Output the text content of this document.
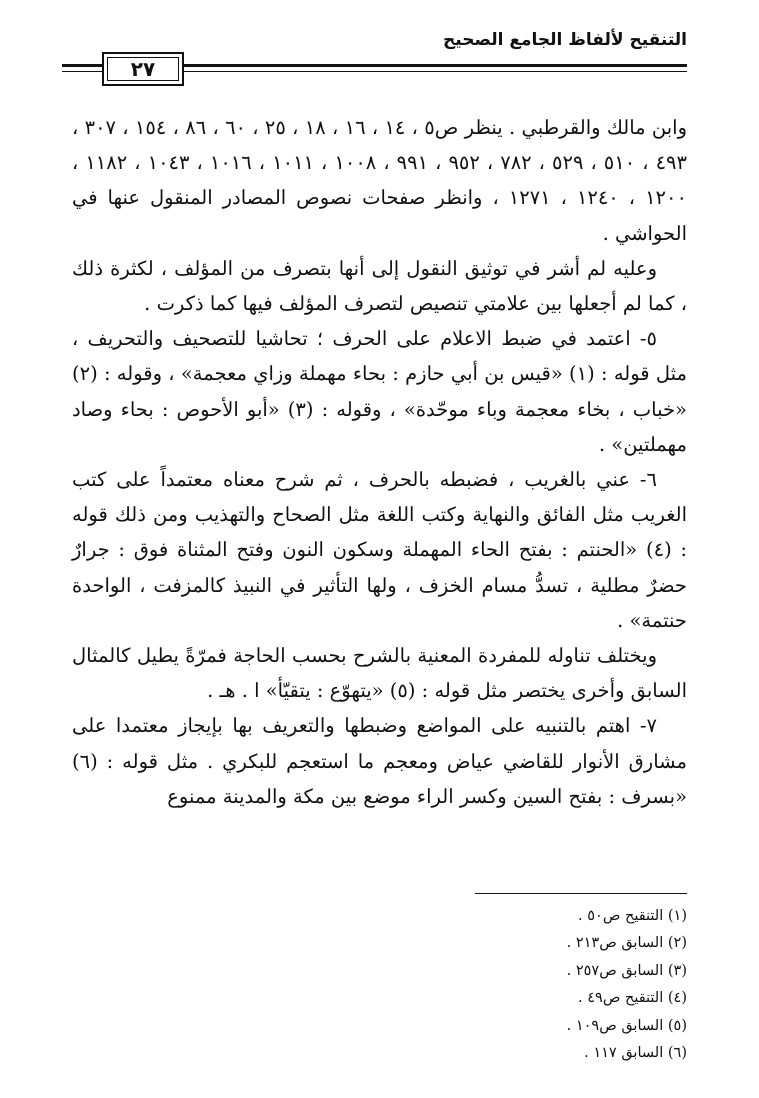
التنقيح لألفاظ الجامع الصحيح
٢٧

وابن مالك والقرطبي . ينظر ص٥ ، ١٤ ، ١٦ ، ١٨ ، ٢٥ ، ٦٠ ، ٨٦ ، ١٥٤ ، ٣٠٧ ، ٤٩٣ ، ٥١٠ ، ٥٢٩ ، ٧٨٢ ، ٩٥٢ ، ٩٩١ ، ١٠٠٨ ، ١٠١١ ، ١٠١٦ ، ١٠٤٣ ، ١١٨٢ ، ١٢٠٠ ، ١٢٤٠ ، ١٢٧١ ، وانظر صفحات نصوص المصادر المنقول عنها في الحواشي .

وعليه لم أشر في توثيق النقول إلى أنها بتصرف من المؤلف ، لكثرة ذلك ، كما لم أجعلها بين علامتي تنصيص لتصرف المؤلف فيها كما ذكرت .

٥- اعتمد في ضبط الاعلام على الحرف ؛ تحاشيا للتصحيف والتحريف ، مثل قوله : (١) «قيس بن أبي حازم : بحاء مهملة وزاي معجمة» ، وقوله : (٢) «خباب ، بخاء معجمة وباء موحّدة» ، وقوله : (٣) «أبو الأحوص : بحاء وصاد مهملتين» .

٦- عني بالغريب ، فضبطه بالحرف ، ثم شرح معناه معتمداً على كتب الغريب مثل الفائق والنهاية وكتب اللغة مثل الصحاح والتهذيب ومن ذلك قوله : (٤) «الحنتم : بفتح الحاء المهملة وسكون النون وفتح المثناة فوق : جرارٌ حضرٌ مطلية ، تسدُّ مسام الخزف ، ولها التأثير في النبيذ كالمزفت ، الواحدة حنتمة» .

ويختلف تناوله للمفردة المعنية بالشرح بحسب الحاجة فمرّةً يطيل كالمثال السابق وأخرى يختصر مثل قوله : (٥) «يتهوّع : يتقيّأ» ا . هـ .

٧- اهتم بالتنبيه على المواضع وضبطها والتعريف بها بإيجاز معتمدا على مشارق الأنوار للقاضي عياض ومعجم ما استعجم للبكري . مثل قوله : (٦) «بسرف : بفتح السين وكسر الراء موضع بين مكة والمدينة ممنوع

(١) التنقيح ص٥٠ .

(٢) السابق ص٢١٣ .

(٣) السابق ص٢٥٧ .

(٤) التنقيح ص٤٩ .

(٥) السابق ص١٠٩ .

(٦) السابق ١١٧ .
